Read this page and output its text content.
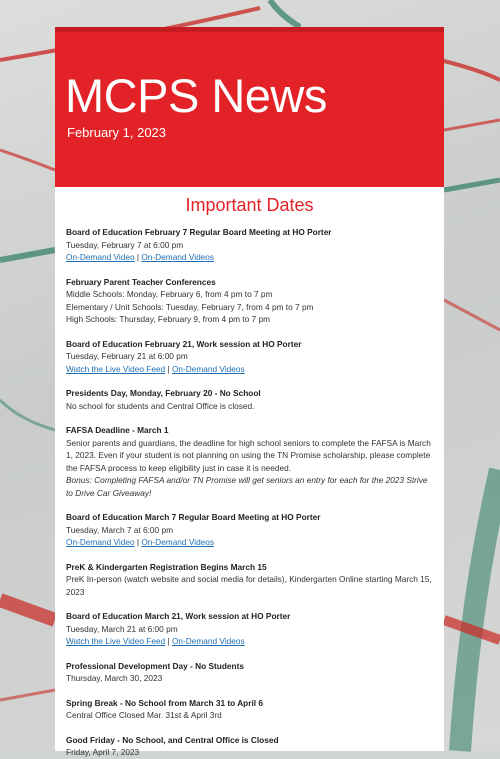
MCPS News
February 1, 2023
Important Dates
Board of Education February 7 Regular Board Meeting at HO Porter
Tuesday, February 7 at 6:00 pm
On-Demand Video | On-Demand Videos
February Parent Teacher Conferences
Middle Schools: Monday, February 6, from 4 pm to 7 pm
Elementary / Unit Schools: Tuesday, February 7, from 4 pm to 7 pm
High Schools: Thursday, February 9, from 4 pm to 7 pm
Board of Education February 21, Work session at HO Porter
Tuesday, February 21 at 6:00 pm
Watch the Live Video Feed | On-Demand Videos
Presidents Day, Monday, February 20 - No School
No school for students and Central Office is closed.
FAFSA Deadline - March 1
Senior parents and guardians, the deadline for high school seniors to complete the FAFSA is March 1, 2023. Even if your student is not planning on using the TN Promise scholarship, please complete the FAFSA process to keep eligibility just in case it is needed.
Bonus: Completing FAFSA and/or TN Promise will get seniors an entry for each for the 2023 Strive to Drive Car Giveaway!
Board of Education March 7 Regular Board Meeting at HO Porter
Tuesday, March 7 at 6:00 pm
On-Demand Video | On-Demand Videos
PreK & Kindergarten Registration Begins March 15
PreK In-person (watch website and social media for details), Kindergarten Online starting March 15, 2023
Board of Education March 21, Work session at HO Porter
Tuesday, March 21 at 6:00 pm
Watch the Live Video Feed | On-Demand Videos
Professional Development Day - No Students
Thursday, March 30, 2023
Spring Break - No School from March 31 to April 6
Central Office Closed Mar. 31st & April 3rd
Good Friday - No School, and Central Office is Closed
Friday, April 7, 2023
